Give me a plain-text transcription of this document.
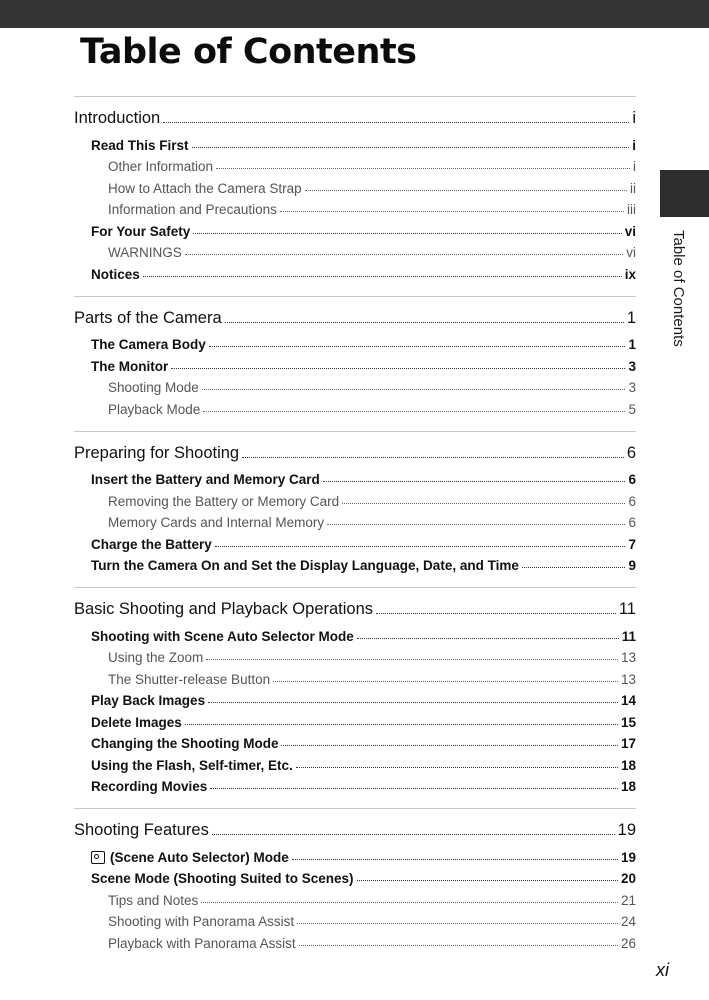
Table of Contents
Table of Contents
Introduction	i
Read This First	i
Other Information	i
How to Attach the Camera Strap	ii
Information and Precautions	iii
For Your Safety	vi
WARNINGS	vi
Notices	ix
Parts of the Camera	1
The Camera Body	1
The Monitor	3
Shooting Mode	3
Playback Mode	5
Preparing for Shooting	6
Insert the Battery and Memory Card	6
Removing the Battery or Memory Card	6
Memory Cards and Internal Memory	6
Charge the Battery	7
Turn the Camera On and Set the Display Language, Date, and Time	9
Basic Shooting and Playback Operations	11
Shooting with Scene Auto Selector Mode	11
Using the Zoom	13
The Shutter-release Button	13
Play Back Images	14
Delete Images	15
Changing the Shooting Mode	17
Using the Flash, Self-timer, Etc.	18
Recording Movies	18
Shooting Features	19
(Scene Auto Selector) Mode	19
Scene Mode (Shooting Suited to Scenes)	20
Tips and Notes	21
Shooting with Panorama Assist	24
Playback with Panorama Assist	26
xi
